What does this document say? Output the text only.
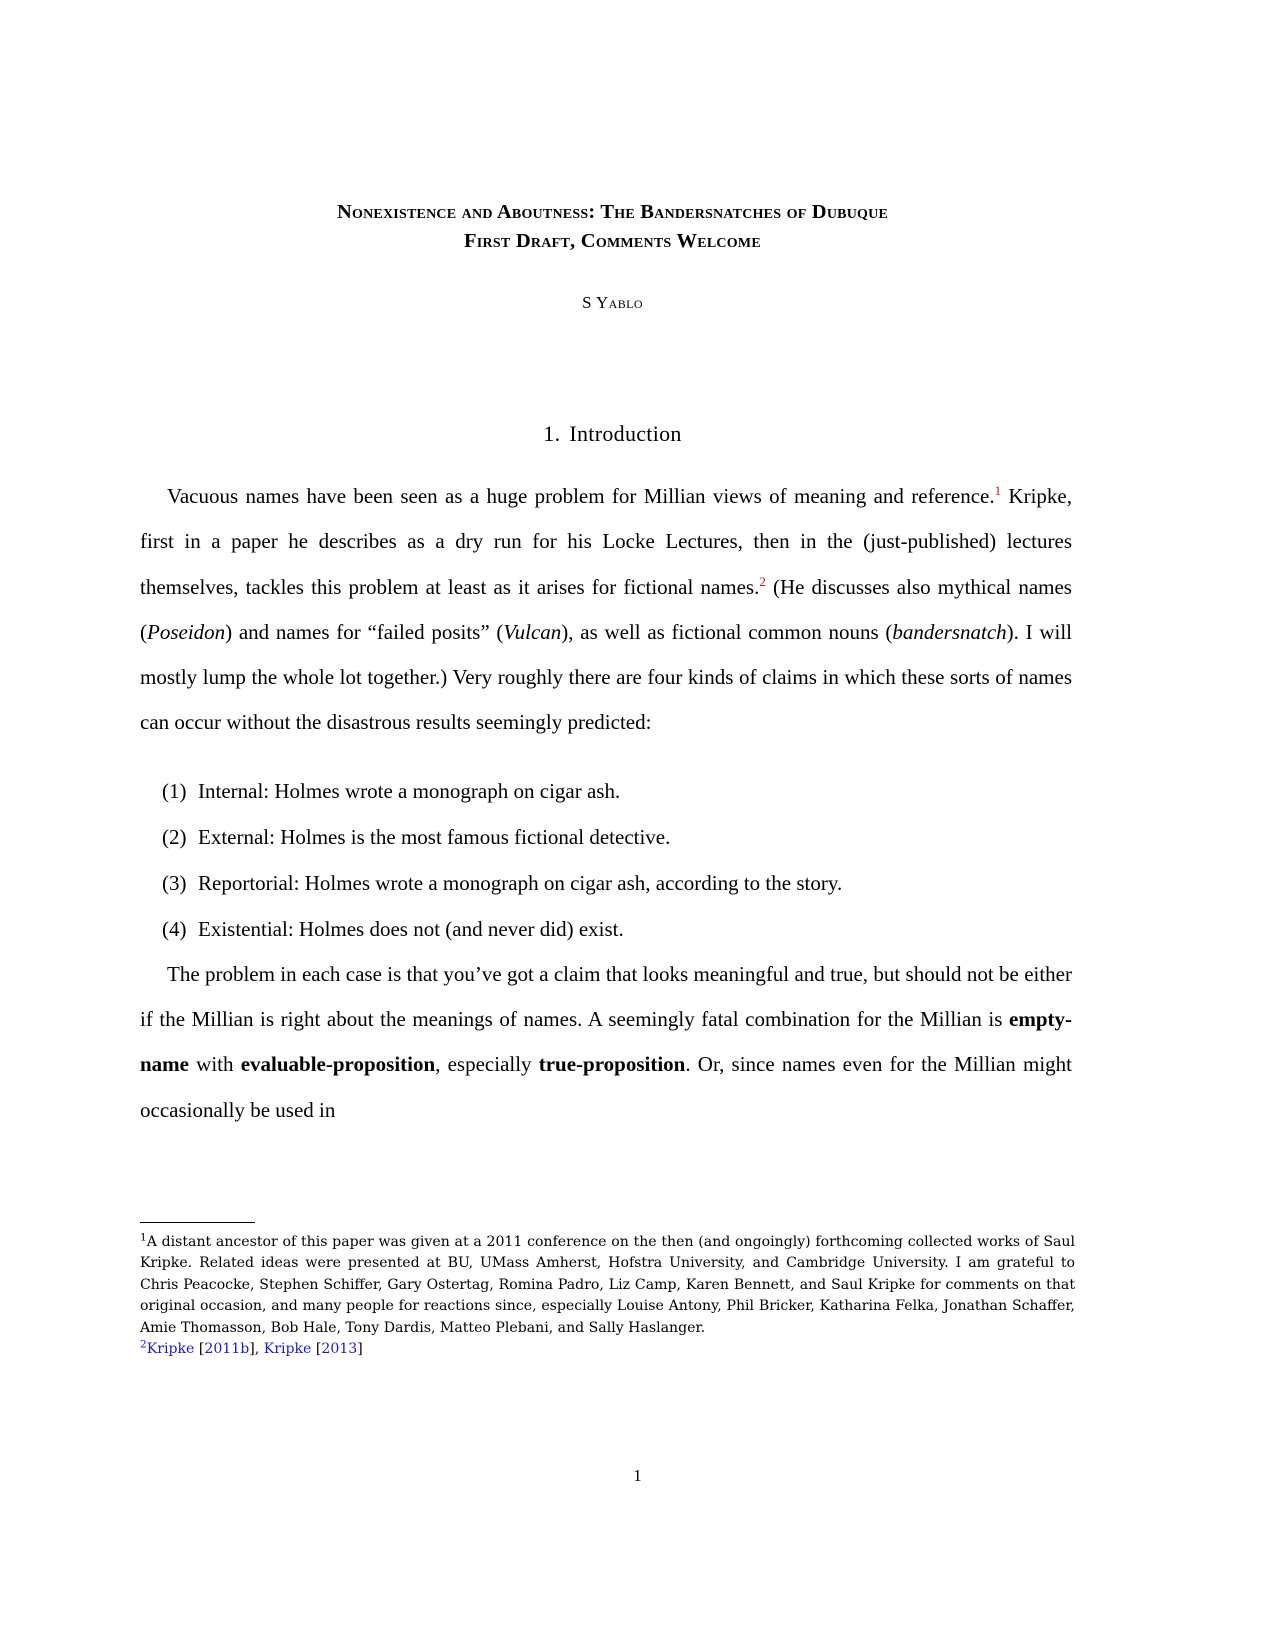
Nonexistence and Aboutness: The Bandersnatches of Dubuque
First Draft, Comments Welcome
S Yablo
1. Introduction

Vacuous names have been seen as a huge problem for Millian views of meaning and reference.$^1$ Kripke, first in a paper he describes as a dry run for his Locke Lectures, then in the (just-published) lectures themselves, tackles this problem at least as it arises for fictional names.$^2$ (He discusses also mythical names (Poseidon) and names for “failed posits” (Vulcan), as well as fictional common nouns (bandersnatch). I will mostly lump the whole lot together.) Very roughly there are four kinds of claims in which these sorts of names can occur without the disastrous results seemingly predicted:

(1) Internal: Holmes wrote a monograph on cigar ash.
(2) External: Holmes is the most famous fictional detective.
(3) Reportorial: Holmes wrote a monograph on cigar ash, according to the story.
(4) Existential: Holmes does not (and never did) exist.

The problem in each case is that you’ve got a claim that looks meaningful and true, but should not be either if the Millian is right about the meanings of names. A seemingly fatal combination for the Millian is empty-name with evaluable-proposition, especially true-proposition. Or, since names even for the Millian might occasionally be used in

$^1$A distant ancestor of this paper was given at a 2011 conference on the then (and ongoingly) forthcoming collected works of Saul Kripke. Related ideas were presented at BU, UMass Amherst, Hofstra University, and Cambridge University. I am grateful to Chris Peacocke, Stephen Schiffer, Gary Ostertag, Romina Padro, Liz Camp, Karen Bennett, and Saul Kripke for comments on that original occasion, and many people for reactions since, especially Louise Antony, Phil Bricker, Katharina Felka, Jonathan Schaffer, Amie Thomasson, Bob Hale, Tony Dardis, Matteo Plebani, and Sally Haslanger.

$^2$Kripke [2011b], Kripke [2013]

1
